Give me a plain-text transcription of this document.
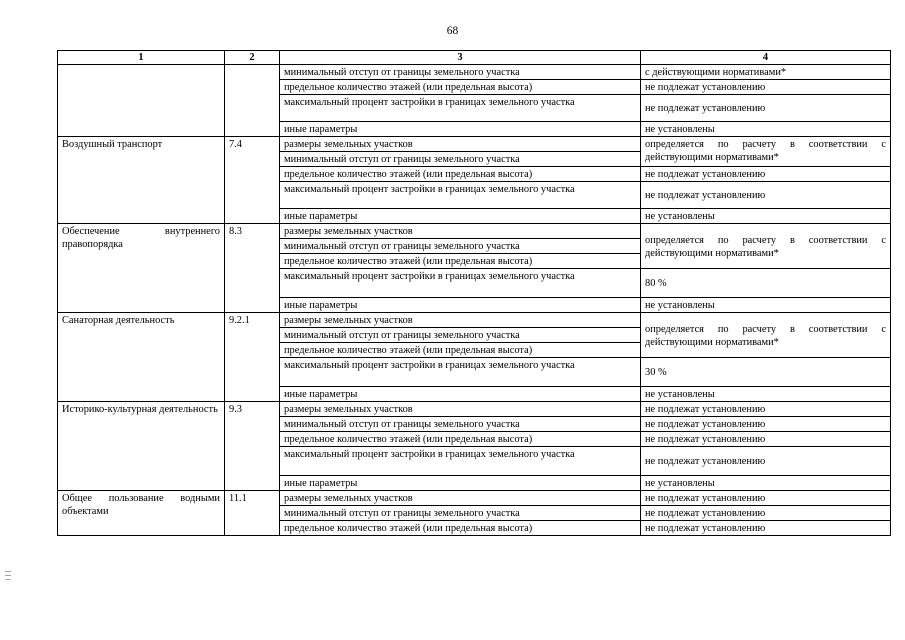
68
1	2	3	4
		минимальный отступ от границы земельного участка	с действующими нормативами*
		предельное количество этажей (или предельная высота)	не подлежат установлению
		максимальный процент застройки в границах земельного участка	не подлежат установлению
		иные параметры	не установлены
Воздушный транспорт	7.4	размеры земельных участков	определяется по расчету в соответствии с действующими нормативами*
		минимальный отступ от границы земельного участка	
		предельное количество этажей (или предельная высота)	не подлежат установлению
		максимальный процент застройки в границах земельного участка	не подлежат установлению
		иные параметры	не установлены
Обеспечение внутреннего правопорядка	8.3	размеры земельных участков	определяется по расчету в соответствии с действующими нормативами*
		минимальный отступ от границы земельного участка	
		предельное количество этажей (или предельная высота)	
		максимальный процент застройки в границах земельного участка	80 %
		иные параметры	не установлены
Санаторная деятельность	9.2.1	размеры земельных участков	определяется по расчету в соответствии с действующими нормативами*
		минимальный отступ от границы земельного участка	
		предельное количество этажей (или предельная высота)	
		максимальный процент застройки в границах земельного участка	30 %
		иные параметры	не установлены
Историко-культурная деятельность	9.3	размеры земельных участков	не подлежат установлению
		минимальный отступ от границы земельного участка	не подлежат установлению
		предельное количество этажей (или предельная высота)	не подлежат установлению
		максимальный процент застройки в границах земельного участка	не подлежат установлению
		иные параметры	не установлены
Общее пользование водными объектами	11.1	размеры земельных участков	не подлежат установлению
		минимальный отступ от границы земельного участка	не подлежат установлению
		предельное количество этажей (или предельная высота)	не подлежат установлению
